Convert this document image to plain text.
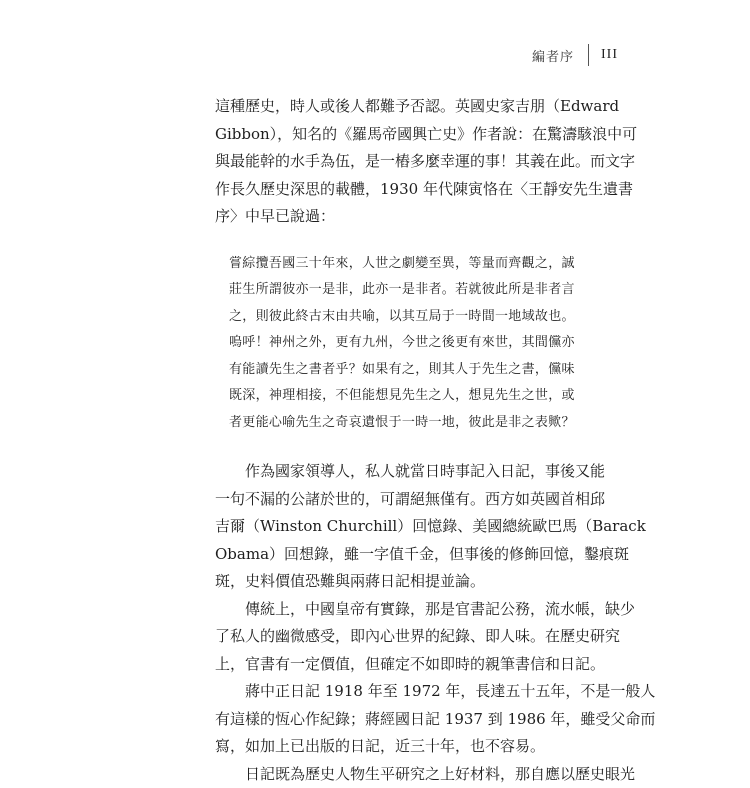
編者序 III
這種歷史，時人或後人都難予否認。英國史家吉朋（Edward
Gibbon），知名的《羅馬帝國興亡史》作者說：在驚濤駭浪中可
與最能幹的水手為伍，是一樁多麼幸運的事！其義在此。而文字
作長久歷史深思的載體，1930 年代陳寅恪在〈王靜安先生遺書
序〉中早已說過：
嘗綜攬吾國三十年來，人世之劇變至異，等量而齊觀之，誠
莊生所謂彼亦一是非，此亦一是非者。若就彼此所是非者言
之，則彼此終古末由共喻，以其互局于一時間一地域故也。
嗚呼！神州之外，更有九州，今世之後更有來世，其間儻亦
有能讀先生之書者乎？如果有之，則其人于先生之書，儻味
既深，神理相接，不但能想見先生之人，想見先生之世，或
者更能心喻先生之奇哀遺恨于一時一地，彼此是非之表歟？
　　作為國家領導人，私人就當日時事記入日記，事後又能
一句不漏的公諸於世的，可謂絕無僅有。西方如英國首相邱
吉爾（Winston Churchill）回憶錄、美國總統歐巴馬（Barack
Obama）回想錄，雖一字值千金，但事後的修飾回憶，鑿痕斑
斑，史料價值恐難與兩蔣日記相提並論。
　　傳統上，中國皇帝有實錄，那是官書記公務，流水帳，缺少
了私人的幽微感受，即內心世界的紀錄、即人味。在歷史研究
上，官書有一定價值，但確定不如即時的親筆書信和日記。
　　蔣中正日記 1918 年至 1972 年，長達五十五年，不是一般人
有這樣的恆心作紀錄；蔣經國日記 1937 到 1986 年，雖受父命而
寫，如加上已出版的日記，近三十年，也不容易。
　　日記既為歷史人物生平研究之上好材料，那自應以歷史眼光
